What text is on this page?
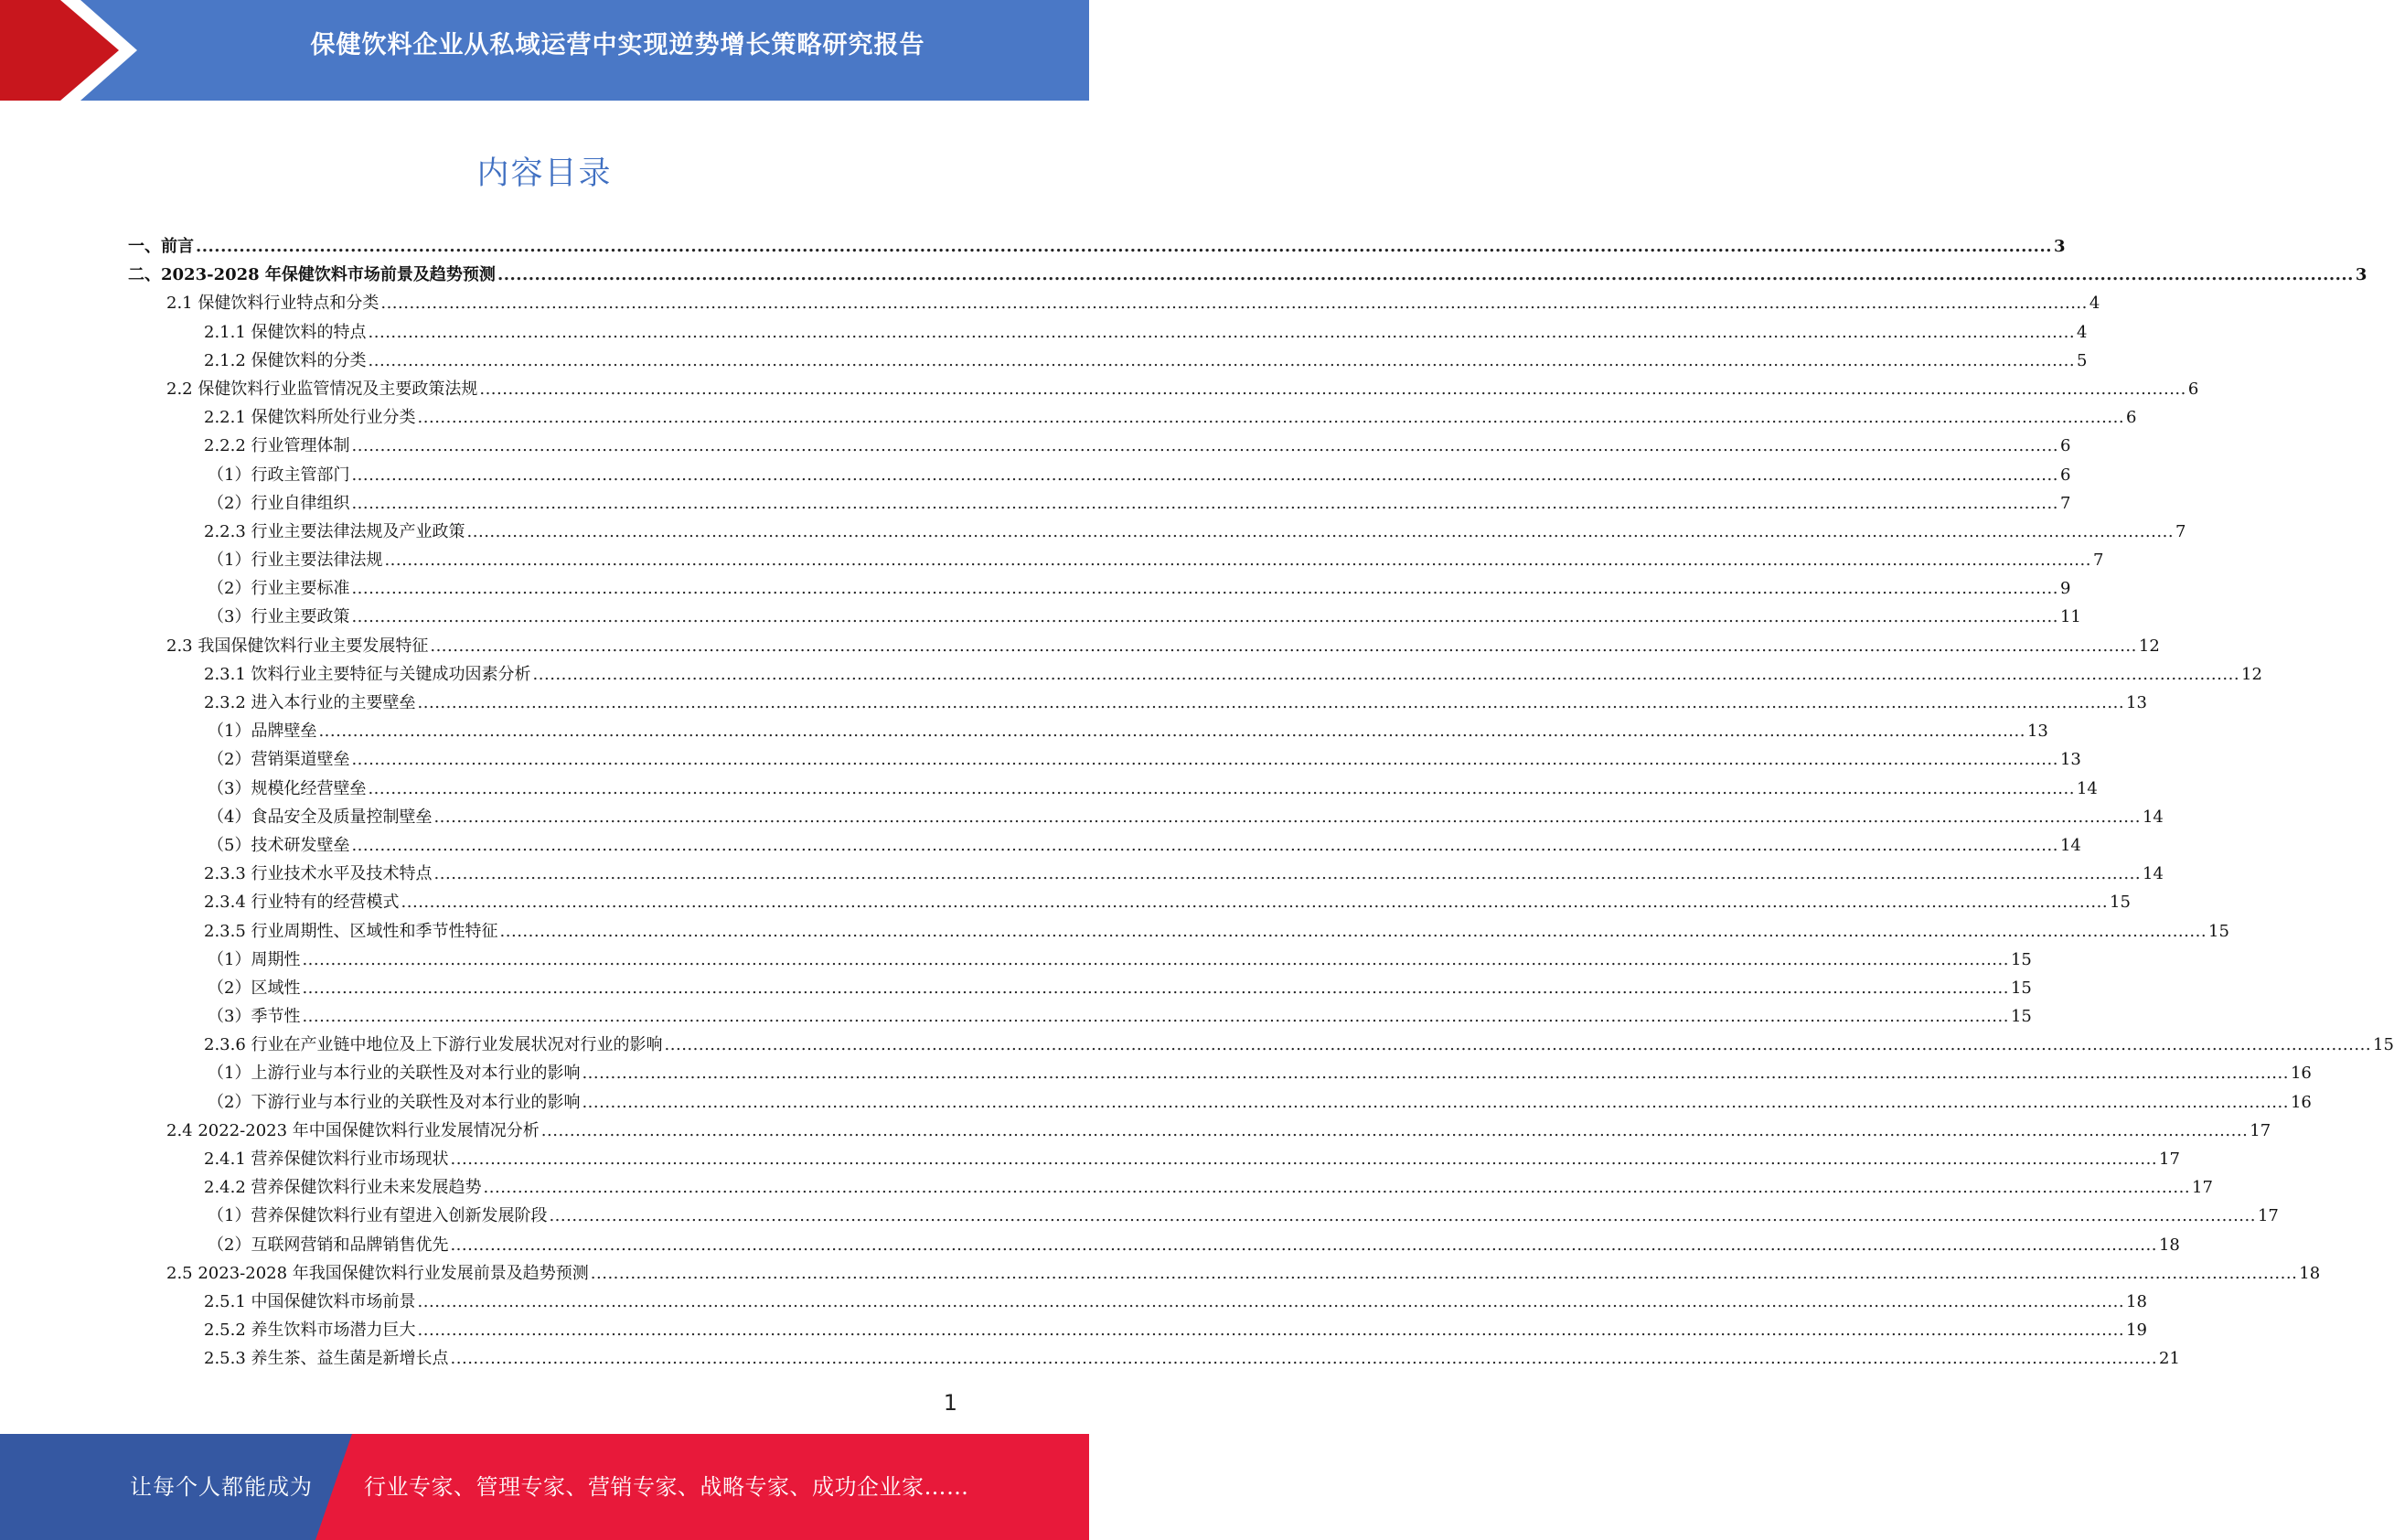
保健饮料企业从私域运营中实现逆势增长策略研究报告
内容目录
一、前言 ............................................................................................................................................................................................................................................................................................................ 3
二、2023-2028 年保健饮料市场前景及趋势预测 ............................................................................................................................................................................................................................................................................................................ 3
2.1 保健饮料行业特点和分类 ............................................................................................................................................................................................................................................................................................................ 4
2.1.1 保健饮料的特点 ............................................................................................................................................................................................................................................................................................................ 4
2.1.2 保健饮料的分类 ............................................................................................................................................................................................................................................................................................................ 5
2.2 保健饮料行业监管情况及主要政策法规 ............................................................................................................................................................................................................................................................................................................ 6
2.2.1 保健饮料所处行业分类 ............................................................................................................................................................................................................................................................................................................ 6
2.2.2 行业管理体制 ............................................................................................................................................................................................................................................................................................................ 6
（1）行政主管部门 ............................................................................................................................................................................................................................................................................................................ 6
（2）行业自律组织 ............................................................................................................................................................................................................................................................................................................ 7
2.2.3 行业主要法律法规及产业政策 ............................................................................................................................................................................................................................................................................................................ 7
（1）行业主要法律法规 ............................................................................................................................................................................................................................................................................................................ 7
（2）行业主要标准 ............................................................................................................................................................................................................................................................................................................ 9
（3）行业主要政策 ............................................................................................................................................................................................................................................................................................................ 11
2.3 我国保健饮料行业主要发展特征 ............................................................................................................................................................................................................................................................................................................ 12
2.3.1 饮料行业主要特征与关键成功因素分析 ............................................................................................................................................................................................................................................................................................................ 12
2.3.2 进入本行业的主要壁垒 ............................................................................................................................................................................................................................................................................................................ 13
（1）品牌壁垒 ............................................................................................................................................................................................................................................................................................................ 13
（2）营销渠道壁垒 ............................................................................................................................................................................................................................................................................................................ 13
（3）规模化经营壁垒 ............................................................................................................................................................................................................................................................................................................ 14
（4）食品安全及质量控制壁垒 ............................................................................................................................................................................................................................................................................................................ 14
（5）技术研发壁垒 ............................................................................................................................................................................................................................................................................................................ 14
2.3.3 行业技术水平及技术特点 ............................................................................................................................................................................................................................................................................................................ 14
2.3.4 行业特有的经营模式 ............................................................................................................................................................................................................................................................................................................ 15
2.3.5 行业周期性、区域性和季节性特征 ............................................................................................................................................................................................................................................................................................................ 15
（1）周期性 ............................................................................................................................................................................................................................................................................................................ 15
（2）区域性 ............................................................................................................................................................................................................................................................................................................ 15
（3）季节性 ............................................................................................................................................................................................................................................................................................................ 15
2.3.6 行业在产业链中地位及上下游行业发展状况对行业的影响 ............................................................................................................................................................................................................................................................................................................ 15
（1）上游行业与本行业的关联性及对本行业的影响 ............................................................................................................................................................................................................................................................................................................ 16
（2）下游行业与本行业的关联性及对本行业的影响 ............................................................................................................................................................................................................................................................................................................ 16
2.4 2022-2023 年中国保健饮料行业发展情况分析 ............................................................................................................................................................................................................................................................................................................ 17
2.4.1 营养保健饮料行业市场现状 ............................................................................................................................................................................................................................................................................................................ 17
2.4.2 营养保健饮料行业未来发展趋势 ............................................................................................................................................................................................................................................................................................................ 17
（1）营养保健饮料行业有望进入创新发展阶段 ............................................................................................................................................................................................................................................................................................................ 17
（2）互联网营销和品牌销售优先 ............................................................................................................................................................................................................................................................................................................ 18
2.5 2023-2028 年我国保健饮料行业发展前景及趋势预测 ............................................................................................................................................................................................................................................................................................................ 18
2.5.1 中国保健饮料市场前景 ............................................................................................................................................................................................................................................................................................................ 18
2.5.2 养生饮料市场潜力巨大 ............................................................................................................................................................................................................................................................................................................ 19
2.5.3 养生茶、益生菌是新增长点 ............................................................................................................................................................................................................................................................................................................ 21
1
让每个人都能成为 行业专家、管理专家、营销专家、战略专家、成功企业家……
